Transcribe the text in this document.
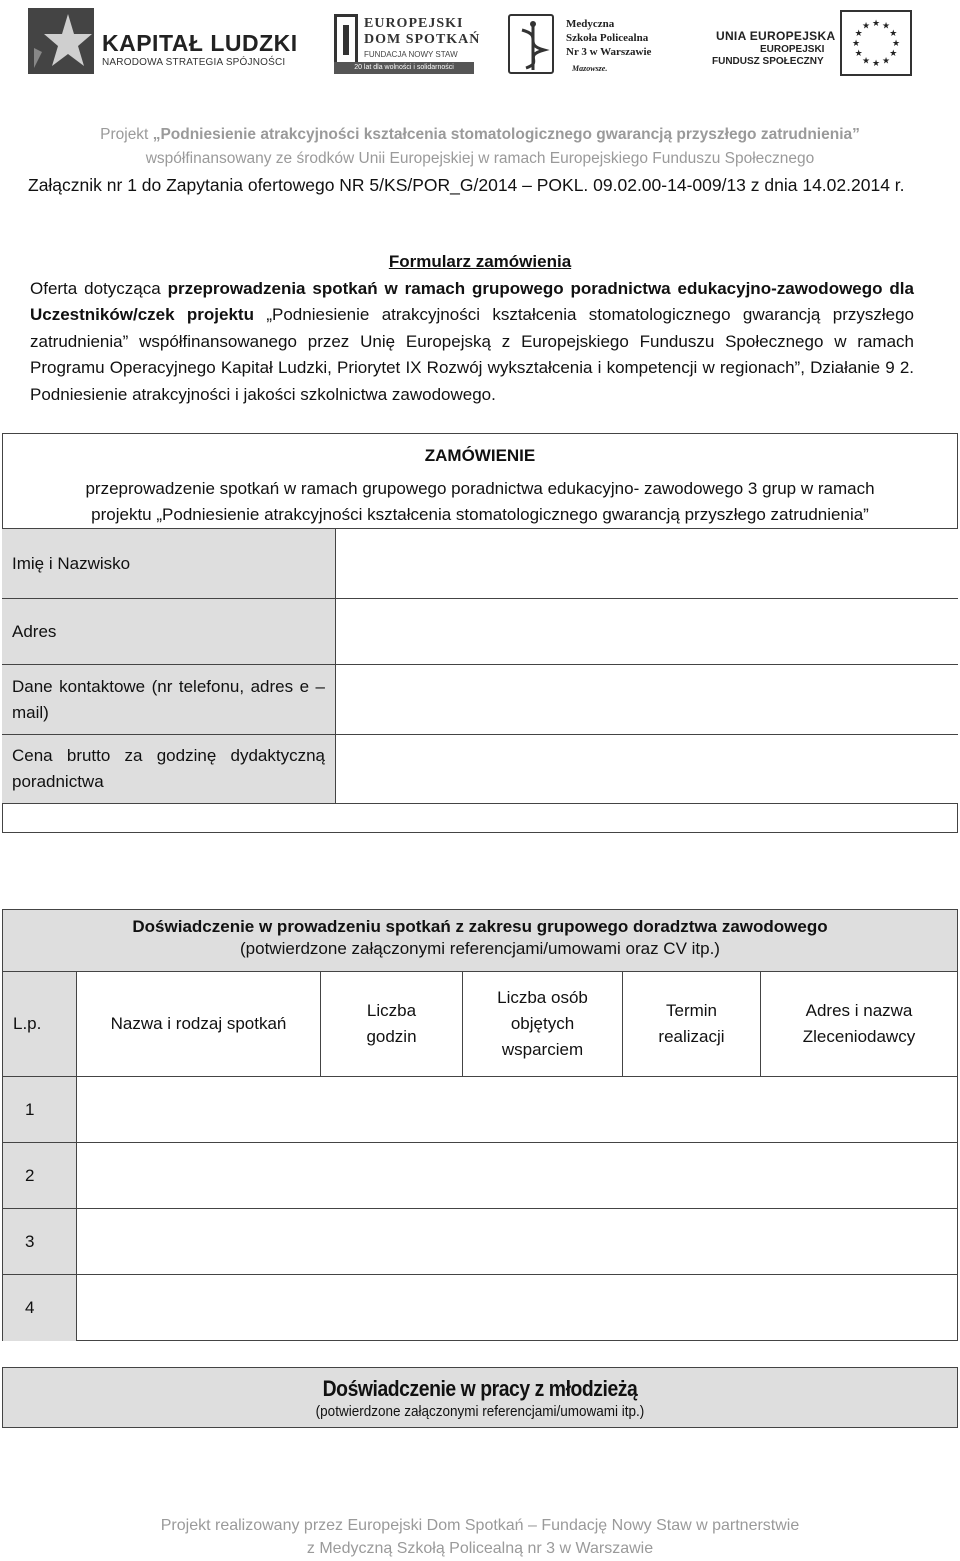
KAPITAŁ LUDZKI
NARODOWA STRATEGIA SPÓJNOŚCI
EUROPEJSKI
DOM SPOTKAŃ
FUNDACJA NOWY STAW
20 lat dla wolności i solidarności
Medyczna
Szkoła Policealna
Nr 3 w Warszawie
Mazowsze.
UNIA EUROPEJSKA
EUROPEJSKI
FUNDUSZ SPOŁECZNY
★
★
★
★
★
★
★
★
★ ★ ★
★
Projekt „Podniesienie atrakcyjności kształcenia stomatologicznego gwarancją przyszłego zatrudnienia”
współfinansowany ze środków Unii Europejskiej w ramach Europejskiego Funduszu Społecznego
Załącznik nr 1 do Zapytania ofertowego NR 5/KS/POR_G/2014 – POKL. 09.02.00-14-009/13 z dnia 14.02.2014 r.
Formularz zamówienia
Oferta dotycząca przeprowadzenia spotkań w ramach grupowego poradnictwa edukacyjno-zawodowego dla Uczestników/czek projektu „Podniesienie atrakcyjności kształcenia stomatologicznego gwarancją przyszłego zatrudnienia” współfinansowanego przez Unię Europejską z Europejskiego Funduszu Społecznego w ramach Programu Operacyjnego Kapitał Ludzki, Priorytet IX Rozwój wykształcenia i kompetencji w regionach”, Działanie 9 2. Podniesienie atrakcyjności i jakości szkolnictwa zawodowego.
ZAMÓWIENIE
przeprowadzenie spotkań w ramach grupowego poradnictwa edukacyjno- zawodowego 3 grup w ramach
projektu „Podniesienie atrakcyjności kształcenia stomatologicznego gwarancją przyszłego zatrudnienia”
Imię i Nazwisko
Adres
Dane kontaktowe (nr telefonu, adres e – mail)
Cena brutto za godzinę dydaktyczną poradnictwa
Doświadczenie w prowadzeniu spotkań z zakresu grupowego doradztwa zawodowego
(potwierdzone załączonymi referencjami/umowami oraz CV itp.)
L.p.	Nazwa i rodzaj spotkań
Liczba godzin
Liczba osób objętych wsparciem
Termin realizacji
Adres i nazwa Zleceniodawcy
1
2
3
4
Doświadczenie w pracy z młodzieżą
(potwierdzone załączonymi referencjami/umowami itp.)
Projekt realizowany przez Europejski Dom Spotkań – Fundację Nowy Staw w partnerstwie
z Medyczną Szkołą Policealną nr 3 w Warszawie
